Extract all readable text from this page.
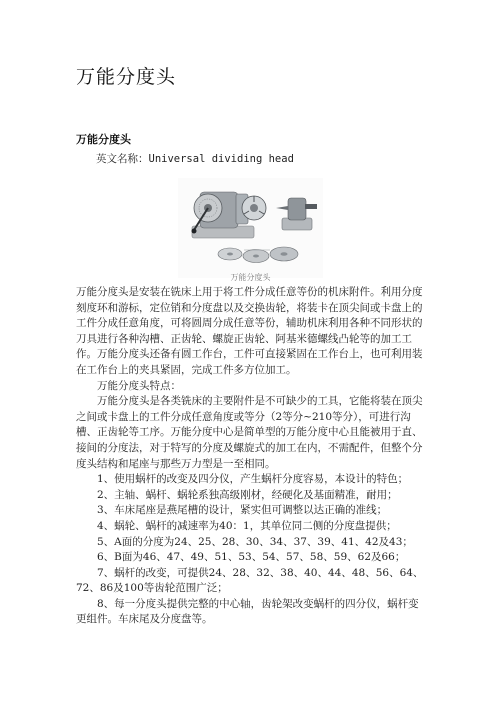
万能分度头
万能分度头
英文名称：Universal dividing head
万能分度头

万能分度头是安装在铣床上用于将工件分成任意等份的机床附件。利用分度刻度环和游标，定位销和分度盘以及交换齿轮，将装卡在顶尖间或卡盘上的工件分成任意角度，可将圆周分成任意等份，辅助机床利用各种不同形状的刀具进行各种沟槽、正齿轮、螺旋正齿轮、阿基米德螺线凸轮等的加工工作。万能分度头还备有圆工作台，工件可直接紧固在工作台上，也可利用装在工作台上的夹具紧固，完成工件多方位加工。

万能分度头特点：

万能分度头是各类铣床的主要附件是不可缺少的工具，它能将装在顶尖之间或卡盘上的工件分成任意角度或等分（2等分~210等分），可进行沟槽、正齿轮等工序。万能分度中心是简单型的万能分度中心且能被用于直、接间的分度法，对于特写的分度及螺旋式的加工在内，不需配件，但整个分度头结构和尾座与那些万力型是一至相同。

1、使用蜗杆的改变及四分仪，产生蜗杆分度容易，本设计的特色；

2、主轴、蜗杆、蜗轮系独高级刚材，经硬化及基面精准，耐用；

3、车床尾座是燕尾槽的设计，紧实但可调整以达正确的准线；

4、蜗轮、蜗杆的减速率为40：1，其单位同二侧的分度盘提供；

5、A面的分度为24、25、28、30、34、37、39、41、42及43；

6、B面为46、47、49、51、53、54、57、58、59、62及66；

7、蜗杆的改变，可提供24、28、32、38、40、44、48、56、64、72、86及100等齿轮范围广泛；

8、每一分度头提供完整的中心轴，齿轮架改变蜗杆的四分仪，蜗杆变更组件。车床尾及分度盘等。
